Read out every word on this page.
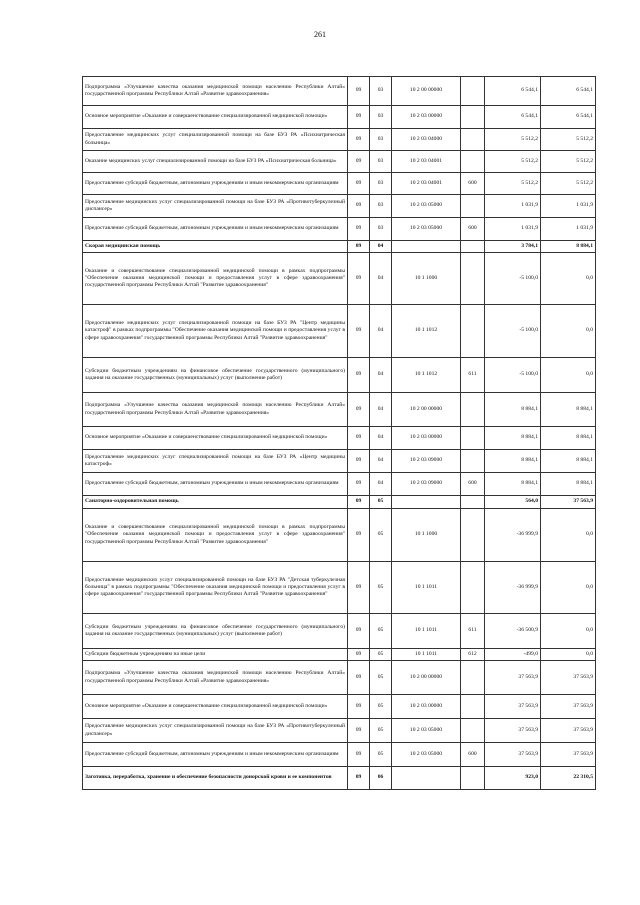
261
Подпрограмма «Улучшение качества оказания медицинской помощи населению Республики Алтай» государственной программы Республики Алтай «Развитие здравоохранения»	09	03	10 2 00 00000		6 544,1	6 544,1
Основное мероприятие «Оказание и совершенствование специализированной медицинской помощи»	09	03	10 2 03 00000		6 544,1	6 544,1
Предоставление медицинских услуг специализированной помощи на базе БУЗ РА «Психиатрическая больница»	09	03	10 2 03 04000		5 512,2	5 512,2
Оказание медицинских услуг специализированной помощи на базе БУЗ РА «Психиатрическая больница»	09	03	10 2 03 04001		5 512,2	5 512,2
Предоставление субсидий бюджетным, автономным учреждениям и иным некоммерческим организациям	09	03	10 2 03 04001	600	5 512,2	5 512,2
Предоставление медицинских услуг специализированной помощи на базе БУЗ РА «Противотуберкулезный диспансер»	09	03	10 2 03 05000		1 031,9	1 031,9
Предоставление субсидий бюджетным, автономным учреждениям и иным некоммерческим организациям	09	03	10 2 03 05000	600	1 031,9	1 031,9
Скорая медицинская помощь	09	04			3 784,1	8 884,1
Оказание и совершенствование специализированной медицинской помощи в рамках подпрограммы "Обеспечение оказания медицинской помощи и предоставления услуг в сфере здравоохранения" государственной программы Республики Алтай "Развитие здравоохранения"	09	04	10 1 1000		-5 100,0	0,0
Предоставление медицинских услуг специализированной помощи на базе БУЗ РА "Центр медицины катастроф" в рамках подпрограммы "Обеспечение оказания медицинской помощи и предоставления услуг в сфере здравоохранения" государственной программы Республики Алтай "Развитие здравоохранения"	09	04	10 1 1012		-5 100,0	0,0
Субсидии бюджетным учреждениям на финансовое обеспечение государственного (муниципального) задания на оказание государственных (муниципальных) услуг (выполнение работ)	09	04	10 1 1012	611	-5 100,0	0,0
Подпрограмма «Улучшение качества оказания медицинской помощи населению Республики Алтай» государственной программы Республики Алтай «Развитие здравоохранения»	09	04	10 2 00 00000		8 884,1	8 884,1
Основное мероприятие «Оказание и совершенствование специализированной медицинской помощи»	09	04	10 2 03 00000		8 884,1	8 884,1
Предоставление медицинских услуг специализированной помощи на базе БУЗ РА «Центр медицины катастроф»	09	04	10 2 03 09000		8 884,1	8 884,1
Предоставление субсидий бюджетным, автономным учреждениям и иным некоммерческим организациям	09	04	10 2 03 09000	600	8 884,1	8 884,1
Санаторно-оздоровительная помощь	09	05			564,0	37 563,9
Оказание и совершенствование специализированной медицинской помощи в рамках подпрограммы "Обеспечение оказания медицинской помощи и предоставления услуг в сфере здравоохранения" государственной программы Республики Алтай "Развитие здравоохранения"	09	05	10 1 1000		-36 999,9	0,0
Предоставление медицинских услуг специализированной помощи на базе БУЗ РА "Детская туберкулезная больница" в рамках подпрограммы "Обеспечение оказания медицинской помощи и предоставления услуг в сфере здравоохранения" государственной программы Республики Алтай "Развитие здравоохранения"	09	05	10 1 1011		-36 999,9	0,0
Субсидии бюджетным учреждениям на финансовое обеспечение государственного (муниципального) задания на оказание государственных (муниципальных) услуг (выполнение работ)	09	05	10 1 1011	611	-36 500,9	0,0
Субсидии бюджетным учреждениям на иные цели	09	05	10 1 1011	612	-499,0	0,0
Подпрограмма «Улучшение качества оказания медицинской помощи населению Республики Алтай» государственной программы Республики Алтай «Развитие здравоохранения»	09	05	10 2 00 00000		37 563,9	37 563,9
Основное мероприятие «Оказание и совершенствование специализированной медицинской помощи»	09	05	10 2 03 00000		37 563,9	37 563,9
Предоставление медицинских услуг специализированной помощи на базе БУЗ РА «Противотуберкулезный диспансер»	09	05	10 2 03 05000		37 563,9	37 563,9
Предоставление субсидий бюджетным, автономным учреждениям и иным некоммерческим организациям	09	05	10 2 03 05000	600	37 563,9	37 563,9
Заготовка, переработка, хранение и обеспечение безопасности донорской крови и ее компонентов	09	06			923,0	22 310,5
